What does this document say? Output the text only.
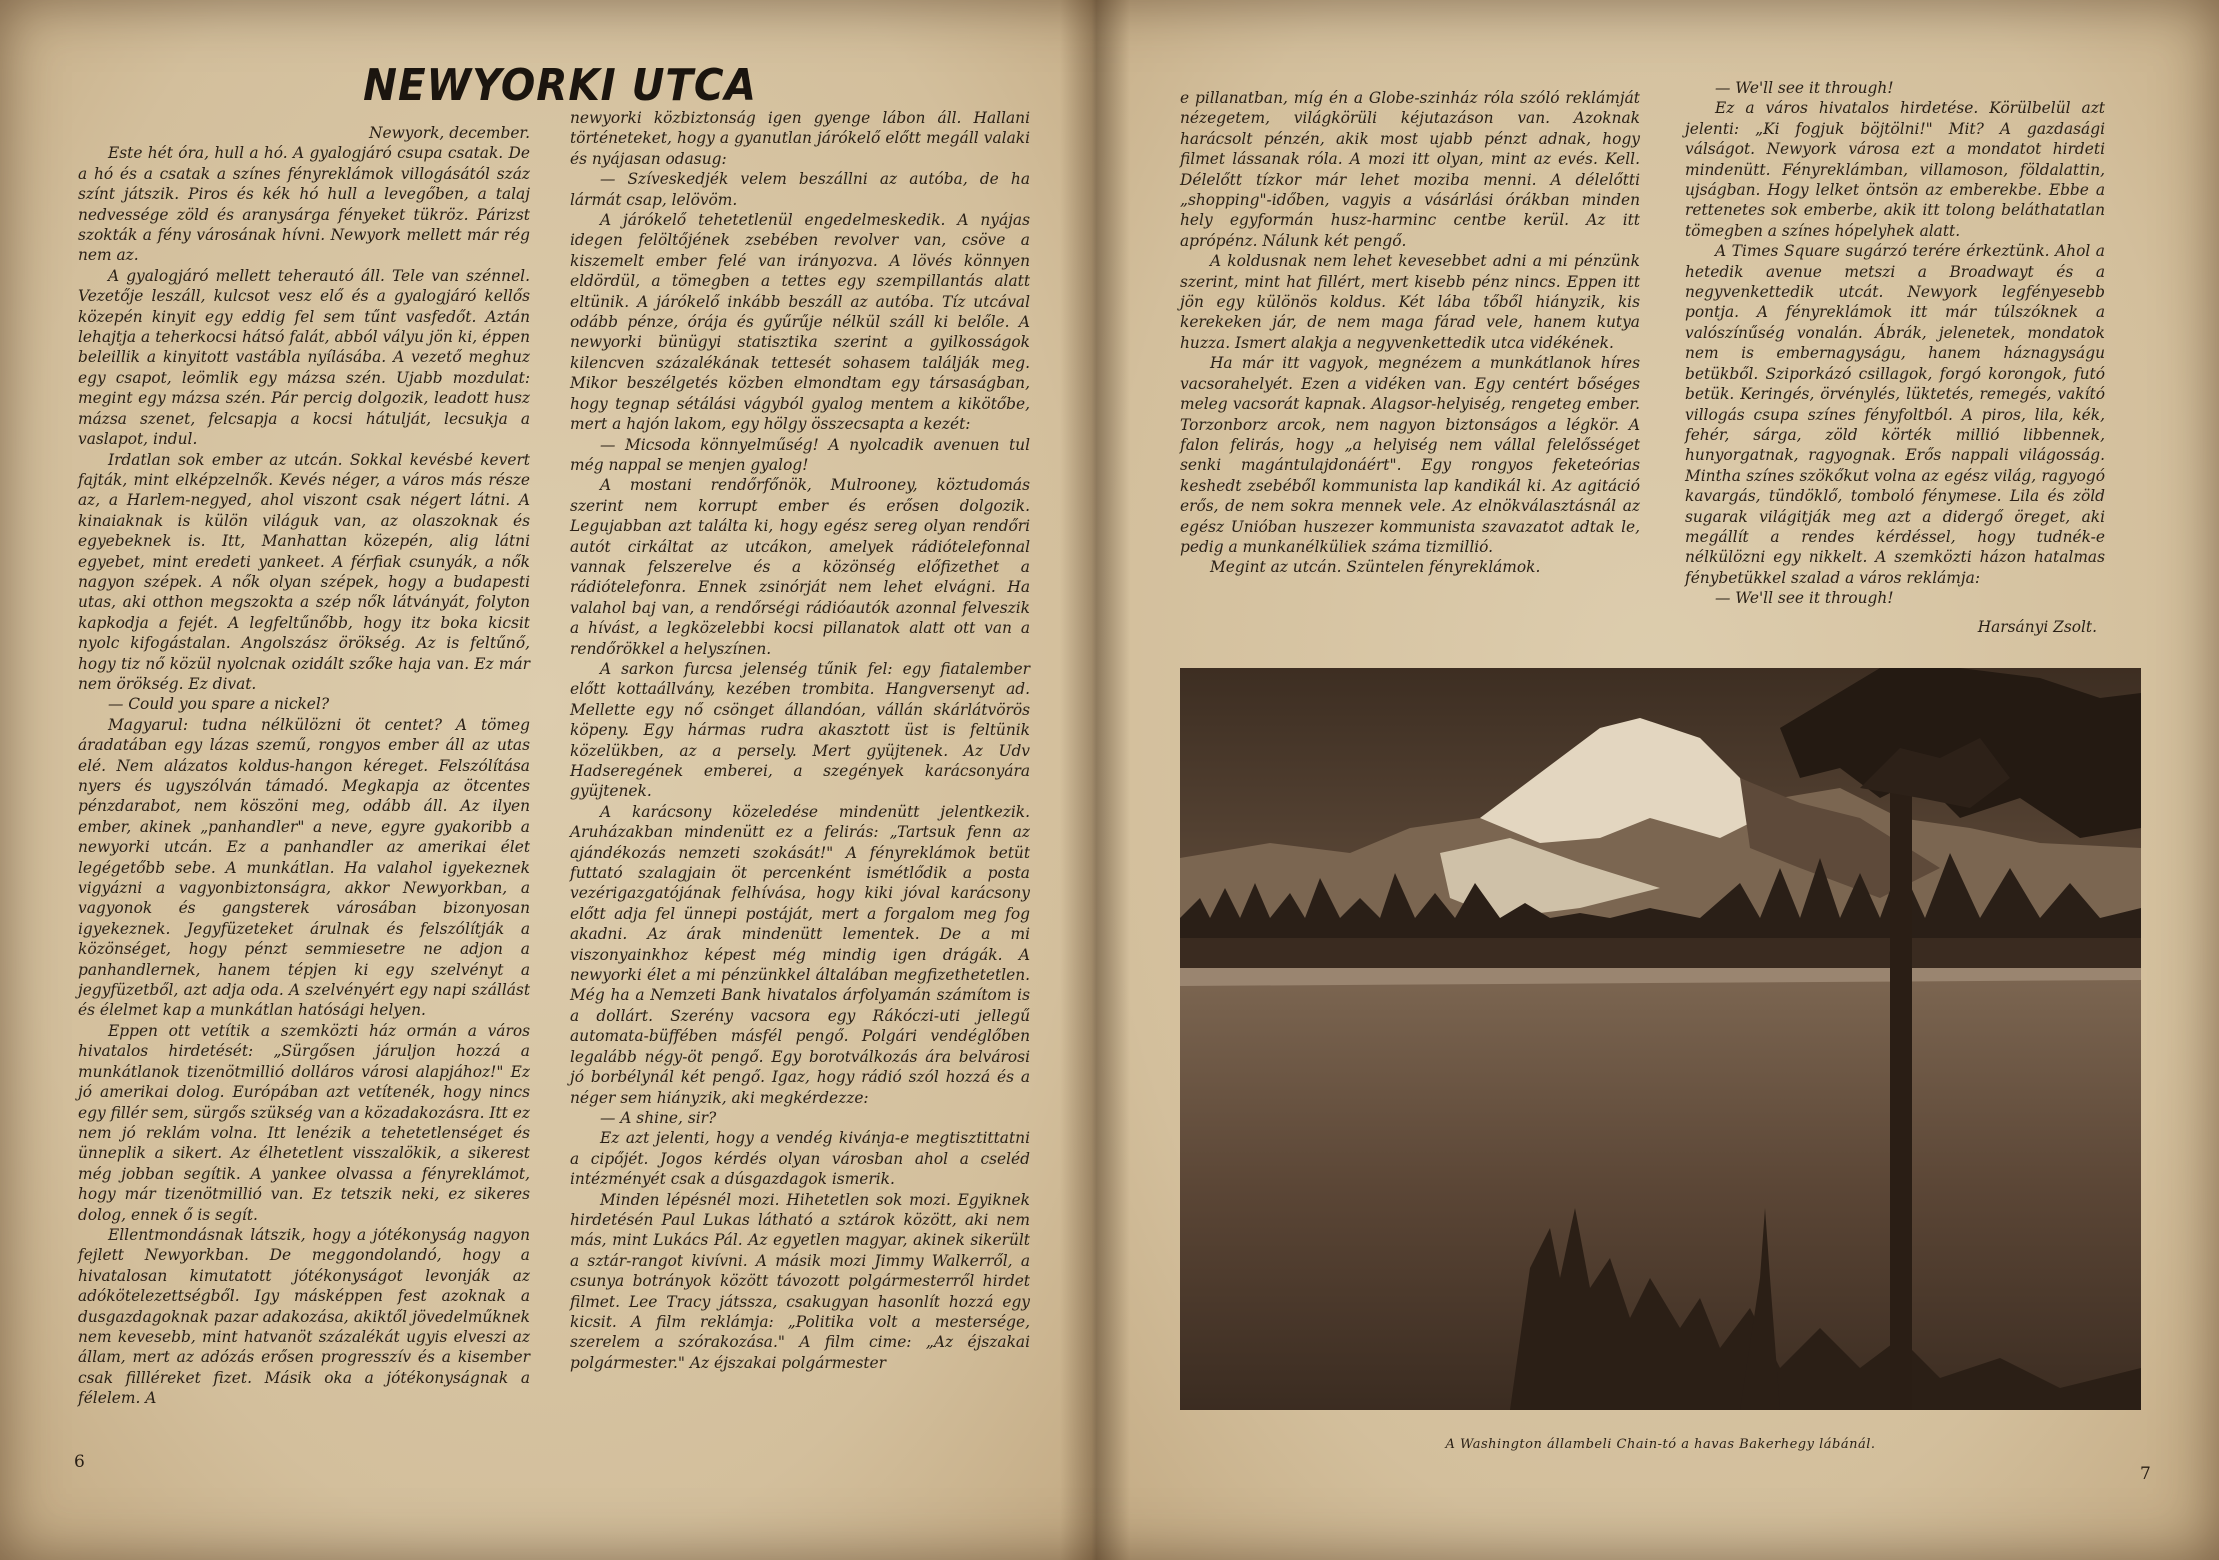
NEWYORKI UTCA

Newyork, december.

Este hét óra, hull a hó. A gyalogjáró csupa csatak. De a hó és a csatak a színes fényreklámok villogásától száz színt játszik. Piros és kék hó hull a levegőben, a talaj nedvessége zöld és aranysárga fényeket tükröz. Párizst szokták a fény városának hívni. Newyork mellett már rég nem az.

A gyalogjáró mellett teherautó áll. Tele van szénnel. Vezetője leszáll, kulcsot vesz elő és a gyalogjáró kellős közepén kinyit egy eddig fel sem tűnt vasfedőt. Aztán lehajtja a teherkocsi hátsó falát, abból vályu jön ki, éppen beleillik a kinyitott vastábla nyílásába. A vezető meghuz egy csapot, leömlik egy mázsa szén. Ujabb mozdulat: megint egy mázsa szén. Pár percig dolgozik, leadott husz mázsa szenet, felcsapja a kocsi hátulját, lecsukja a vaslapot, indul.

Irdatlan sok ember az utcán. Sokkal kevésbé kevert fajták, mint elképzelnők. Kevés néger, a város más része az, a Harlem-negyed, ahol viszont csak négert látni. A kinaiaknak is külön világuk van, az olaszoknak és egyebeknek is. Itt, Manhattan közepén, alig látni egyebet, mint eredeti yankeet. A férfiak csunyák, a nők nagyon szépek. A nők olyan szépek, hogy a budapesti utas, aki otthon megszokta a szép nők látványát, folyton kapkodja a fejét. A legfeltűnőbb, hogy itz boka kicsit nyolc kifogástalan. Angolszász örökség. Az is feltűnő, hogy tiz nő közül nyolcnak ozidált szőke haja van. Ez már nem örökség. Ez divat.

— Could you spare a nickel?

Magyarul: tudna nélkülözni öt centet? A tömeg áradatában egy lázas szemű, rongyos ember áll az utas elé. Nem alázatos koldus-hangon kéreget. Felszólítása nyers és ugyszólván támadó. Megkapja az ötcentes pénzdarabot, nem köszöni meg, odább áll. Az ilyen ember, akinek „panhandler" a neve, egyre gyakoribb a newyorki utcán. Ez a panhandler az amerikai élet legégetőbb sebe. A munkátlan. Ha valahol igyekeznek vigyázni a vagyonbiztonságra, akkor Newyorkban, a vagyonok és gangsterek városában bizonyosan igyekeznek. Jegyfüzeteket árulnak és felszólítják a közönséget, hogy pénzt semmiesetre ne adjon a panhandlernek, hanem tépjen ki egy szelvényt a jegyfüzetből, azt adja oda. A szelvényért egy napi szállást és élelmet kap a munkátlan hatósági helyen.

Eppen ott vetítik a szemközti ház ormán a város hivatalos hirdetését: „Sürgősen járuljon hozzá a munkátlanok tizenötmillió dolláros városi alapjához!" Ez jó amerikai dolog. Európában azt vetítenék, hogy nincs egy fillér sem, sürgős szükség van a közadakozásra. Itt ez nem jó reklám volna. Itt lenézik a tehetetlenséget és ünneplik a sikert. Az élhetetlent visszalökik, a sikerest még jobban segítik. A yankee olvassa a fényreklámot, hogy már tizenötmillió van. Ez tetszik neki, ez sikeres dolog, ennek ő is segít.

Ellentmondásnak látszik, hogy a jótékonyság nagyon fejlett Newyorkban. De meggondolandó, hogy a hivatalosan kimutatott jótékonyságot levonják az adókötelezettségből. Igy másképpen fest azoknak a dusgazdagoknak pazar adakozása, akiktől jövedelműknek nem kevesebb, mint hatvanöt százalékát ugyis elveszi az állam, mert az adózás erősen progresszív és a kisember csak fillléreket fizet. Másik oka a jótékonyságnak a félelem. A

newyorki közbiztonság igen gyenge lábon áll. Hallani történeteket, hogy a gyanutlan járókelő előtt megáll valaki és nyájasan odasug:

— Szíveskedjék velem beszállni az autóba, de ha lármát csap, lelövöm.

A járókelő tehetetlenül engedelmeskedik. A nyájas idegen felöltőjének zsebében revolver van, csöve a kiszemelt ember felé van irányozva. A lövés könnyen eldördül, a tömegben a tettes egy szempillantás alatt eltünik. A járókelő inkább beszáll az autóba. Tíz utcával odább pénze, órája és gyűrűje nélkül száll ki belőle. A newyorki bünügyi statisztika szerint a gyilkosságok kilencven százalékának tettesét sohasem találják meg. Mikor beszélgetés közben elmondtam egy társaságban, hogy tegnap sétálási vágyból gyalog mentem a kikötőbe, mert a hajón lakom, egy hölgy összecsapta a kezét:

— Micsoda könnyelműség! A nyolcadik avenuen tul még nappal se menjen gyalog!

A mostani rendőrfőnök, Mulrooney, köztudomás szerint nem korrupt ember és erősen dolgozik. Legujabban azt találta ki, hogy egész sereg olyan rendőri autót cirkáltat az utcákon, amelyek rádiótelefonnal vannak felszerelve és a közönség előfizethet a rádiótelefonra. Ennek zsinórját nem lehet elvágni. Ha valahol baj van, a rendőrségi rádióautók azonnal felveszik a hívást, a legközelebbi kocsi pillanatok alatt ott van a rendőrökkel a helyszínen.

A sarkon furcsa jelenség tűnik fel: egy fiatalember előtt kottaállvány, kezében trombita. Hangversenyt ad. Mellette egy nő csönget állandóan, vállán skárlátvörös köpeny. Egy hármas rudra akasztott üst is feltünik közelükben, az a persely. Mert gyüjtenek. Az Udv Hadseregének emberei, a szegények karácsonyára gyüjtenek.

A karácsony közeledése mindenütt jelentkezik. Aruházakban mindenütt ez a felirás: „Tartsuk fenn az ajándékozás nemzeti szokását!" A fényreklámok betüt futtató szalagjain öt percenként ismétlődik a posta vezérigazgatójának felhívása, hogy kiki jóval karácsony előtt adja fel ünnepi postáját, mert a forgalom meg fog akadni. Az árak mindenütt lementek. De a mi viszonyainkhoz képest még mindig igen drágák. A newyorki élet a mi pénzünkkel általában megfizethetetlen. Még ha a Nemzeti Bank hivatalos árfolyamán számítom is a dollárt. Szerény vacsora egy Rákóczi-uti jellegű automata-büffében másfél pengő. Polgári vendéglőben legalább négy-öt pengő. Egy borotválkozás ára belvárosi jó borbélynál két pengő. Igaz, hogy rádió szól hozzá és a néger sem hiányzik, aki megkérdezze:

— A shine, sir?

Ez azt jelenti, hogy a vendég kivánja-e megtisztittatni a cipőjét. Jogos kérdés olyan városban ahol a cseléd intézményét csak a dúsgazdagok ismerik.

Minden lépésnél mozi. Hihetetlen sok mozi. Egyiknek hirdetésén Paul Lukas látható a sztárok között, aki nem más, mint Lukács Pál. Az egyetlen magyar, akinek sikerült a sztár-rangot kivívni. A másik mozi Jimmy Walkerről, a csunya botrányok között távozott polgármesterről hirdet filmet. Lee Tracy játssza, csakugyan hasonlít hozzá egy kicsit. A film reklámja: „Politika volt a mestersége, szerelem a szórakozása." A film cime: „Az éjszakai polgármester." Az éjszakai polgármester

e pillanatban, míg én a Globe-szinház róla szóló reklámját nézegetem, világkörüli kéjutazáson van. Azoknak harácsolt pénzén, akik most ujabb pénzt adnak, hogy filmet lássanak róla. A mozi itt olyan, mint az evés. Kell. Délelőtt tízkor már lehet moziba menni. A délelőtti „shopping"-időben, vagyis a vásárlási órákban minden hely egyformán husz-harminc centbe kerül. Az itt aprópénz. Nálunk két pengő.

A koldusnak nem lehet kevesebbet adni a mi pénzünk szerint, mint hat fillért, mert kisebb pénz nincs. Eppen itt jön egy különös koldus. Két lába tőből hiányzik, kis kerekeken jár, de nem maga fárad vele, hanem kutya huzza. Ismert alakja a negyvenkettedik utca vidékének.

Ha már itt vagyok, megnézem a munkátlanok híres vacsorahelyét. Ezen a vidéken van. Egy centért bőséges meleg vacsorát kapnak. Alagsor-helyiség, rengeteg ember. Torzonborz arcok, nem nagyon biztonságos a légkör. A falon felirás, hogy „a helyiség nem vállal felelősséget senki magántulajdonáért". Egy rongyos feketeórias keshedt zsebéből kommunista lap kandikál ki. Az agitáció erős, de nem sokra mennek vele. Az elnökválasztásnál az egész Unióban huszezer kommunista szavazatot adtak le, pedig a munkanélküliek száma tizmillió.

Megint az utcán. Szüntelen fényreklámok.

— We'll see it through!

Ez a város hivatalos hirdetése. Körülbelül azt jelenti: „Ki fogjuk böjtölni!" Mit? A gazdasági válságot. Newyork városa ezt a mondatot hirdeti mindenütt. Fényreklámban, villamoson, földalattin, ujságban. Hogy lelket öntsön az emberekbe. Ebbe a rettenetes sok emberbe, akik itt tolong beláthatatlan tömegben a színes hópelyhek alatt.

A Times Square sugárzó terére érkeztünk. Ahol a hetedik avenue metszi a Broadwayt és a negyvenkettedik utcát. Newyork legfényesebb pontja. A fényreklámok itt már túlszóknek a valószínűség vonalán. Ábrák, jelenetek, mondatok nem is embernagyságu, hanem háznagyságu betükből. Sziporkázó csillagok, forgó korongok, futó betük. Keringés, örvénylés, lüktetés, remegés, vakító villogás csupa színes fényfoltból. A piros, lila, kék, fehér, sárga, zöld körték millió libbennek, hunyorgatnak, ragyognak. Erős nappali világosság. Mintha színes szökőkut volna az egész világ, ragyogó kavargás, tündöklő, tomboló fénymese. Lila és zöld sugarak világitják meg azt a didergő öreget, aki megállít a rendes kérdéssel, hogy tudnék-e nélkülözni egy nikkelt. A szemközti házon hatalmas fénybetükkel szalad a város reklámja:

— We'll see it through!

Harsányi Zsolt.

A Washington állambeli Chain-tó a havas Bakerhegy lábánál.
6
7
